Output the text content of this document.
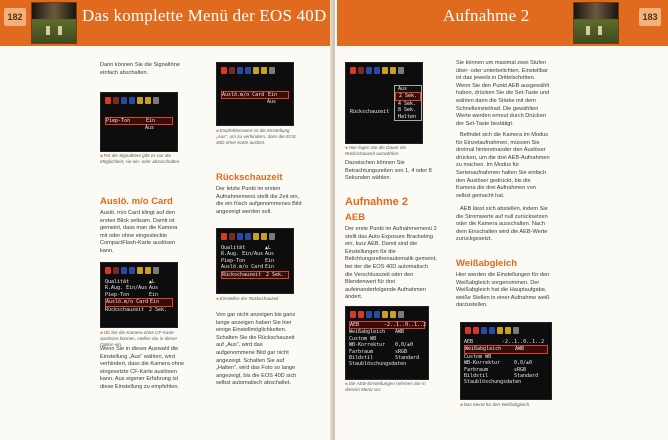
182	Das komplette Menü der EOS 40D
Dann können Sie die Signaltöne einfach abschalten.
Piep-Ton	Ein
Aus
◂ Für die Signaltöne gibt es nur die Möglichkeit, sie ein- oder abzuschalten.
Auslö. m/o Card
Auslö. m/o Card klingt auf den ersten Blick seltsam. Damit ist gemeint, dass man die Kamera mit oder ohne eingesteckte CompactFlash-Karte auslösen kann.
Qualität	▲L
R.Aug. Ein/Aus Aus
Piep-Ton	Ein
Auslö.m/o Card Ein
Rückschauzeit 2 Sek.
◂ Ob Sie die Kamera ohne CF-Karte auslösen können, stellen Sie in dieser Option ein.
Wenn Sie in dieser Auswahl die Einstellung „Aus“ wählen, wird verhindert, dass die Kamera ohne eingesetzte CF-Karte auslösen kann. Aus eigener Erfahrung ist diese Einstellung zu empfehlen.
Auslö.m/o Card Ein
Aus
◂ Empfehlenswert ist die Einstellung „Aus“, um zu verhindern, dass die EOS 40D ohne Karte auslöst.
Rückschauzeit
Der letzte Punkt im ersten Aufnahmemenü stellt die Zeit ein, die ein frisch aufgenommenes Bild angezeigt werden soll.
Qualität	▲L
R.Aug. Ein/Aus Aus
Piep-Ton	Ein
Auslö.m/o Card Ein
Rückschauzeit 2 Sek.
◂ Einstellen der Rückschauzeit
Von gar nicht anzeigen bis ganz lange anzeigen haben Sie hier einige Einstellmöglichkeiten. Schalten Sie die Rückschauzeit auf „Aus“, wird das aufgenommene Bild gar nicht angezeigt. Schalten Sie auf „Halten“, wird das Foto so lange angezeigt, bis die EOS 40D sich selbst automatisch abschaltet.
Aufnahme 2	183
Rückschauzeit
Aus
2 Sek.
4 Sek.
8 Sek.
Halten
◂ Hier legen Sie die Dauer der Rückschauzeit auswählen.
Dazwischen können Sie Betrachtungszeiten von 1, 4 oder 8 Sekunden wählen.
Aufnahme 2
AEB
Der erste Punkt im Aufnahmemenü 2 stellt das Auto Exposure Bracketing ein, kurz AEB. Damit sind die Einstellungen für die Belichtungsreihenautomatik gemeint, bei der die EOS 40D automatisch die Verschlusszeit oder den Blendenwert für drei aufeinanderfolgende Aufnahmen ändert.
AEB	-2..1..0..1..2
Weißabgleich AWB
Custom WB
WB-Korrektur 0,0/±0
Farbraum	sRGB
Bildstil	Standard
Staublöschungsdaten
◂ Die AEB-Einstellungen nehmen Sie in diesem Menü vor.
Sie können um maximal zwei Stufen über- oder unterbelichten. Einstellbar ist das jeweils in Drittelschritten. Wenn Sie den Punkt AEB ausgewählt haben, drücken Sie die Set-Taste und wählen dann die Stärke mit dem Schnelleinstellrad. Die gewählten Werte werden erneut durch Drücken der Set-Taste bestätigt.
Befindet sich die Kamera im Modus für Einzelaufnahmen, müssen Sie dreimal hintereinander den Auslöser drücken, um die drei AEB-Aufnahmen zu machen. Im Modus für Serienaufnahmen halten Sie einfach den Auslöser gedrückt, bis die Kamera die drei Aufnahmen von selbst gemacht hat.
AEB lässt sich abstellen, indem Sie die Stromwerte auf null zurücksetzen oder die Kamera ausschalten. Nach dem Einschalten wird die AEB-Werte zurückgesetzt.
Weißabgleich
Hier werden die Einstellungen für den Weißabgleich vorgenommen. Der Weißabgleich hat die Hauptaufgabe, weiße Stellen in einer Aufnahme weiß darzustellen.
AEB	-2..1..0..1..2
Weißabgleich	AWB
Custom WB
WB-Korrektur	0,0/±0
Farbraum	sRGB
Bildstil	Standard
Staublöschungsdaten
◂ Das Menü für den Weißabgleich
